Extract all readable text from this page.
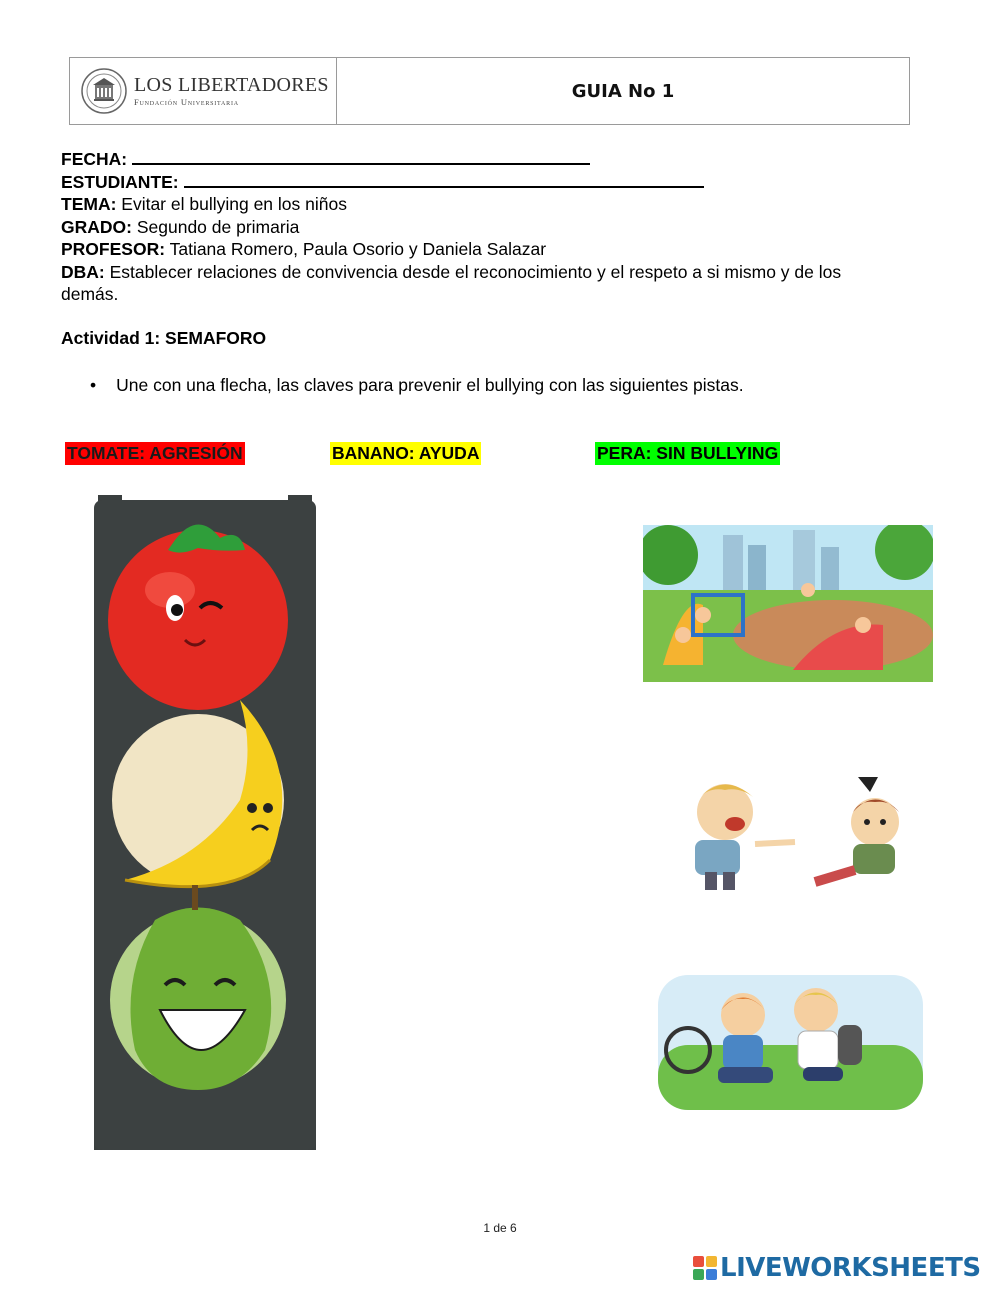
LOS LIBERTADORES
Fundación Universitaria
GUIA No 1
FECHA:
ESTUDIANTE:
TEMA: Evitar el bullying en los niños
GRADO: Segundo de primaria
PROFESOR: Tatiana Romero, Paula Osorio y Daniela Salazar
DBA: Establecer relaciones de convivencia desde el reconocimiento y el respeto a si mismo y de los demás.
Actividad 1: SEMAFORO
• Une con una flecha, las claves para prevenir el bullying con las siguientes pistas.
TOMATE: AGRESIÓN	BANANO: AYUDA	PERA: SIN BULLYING
1 de 6
LIVEWORKSHEETS
